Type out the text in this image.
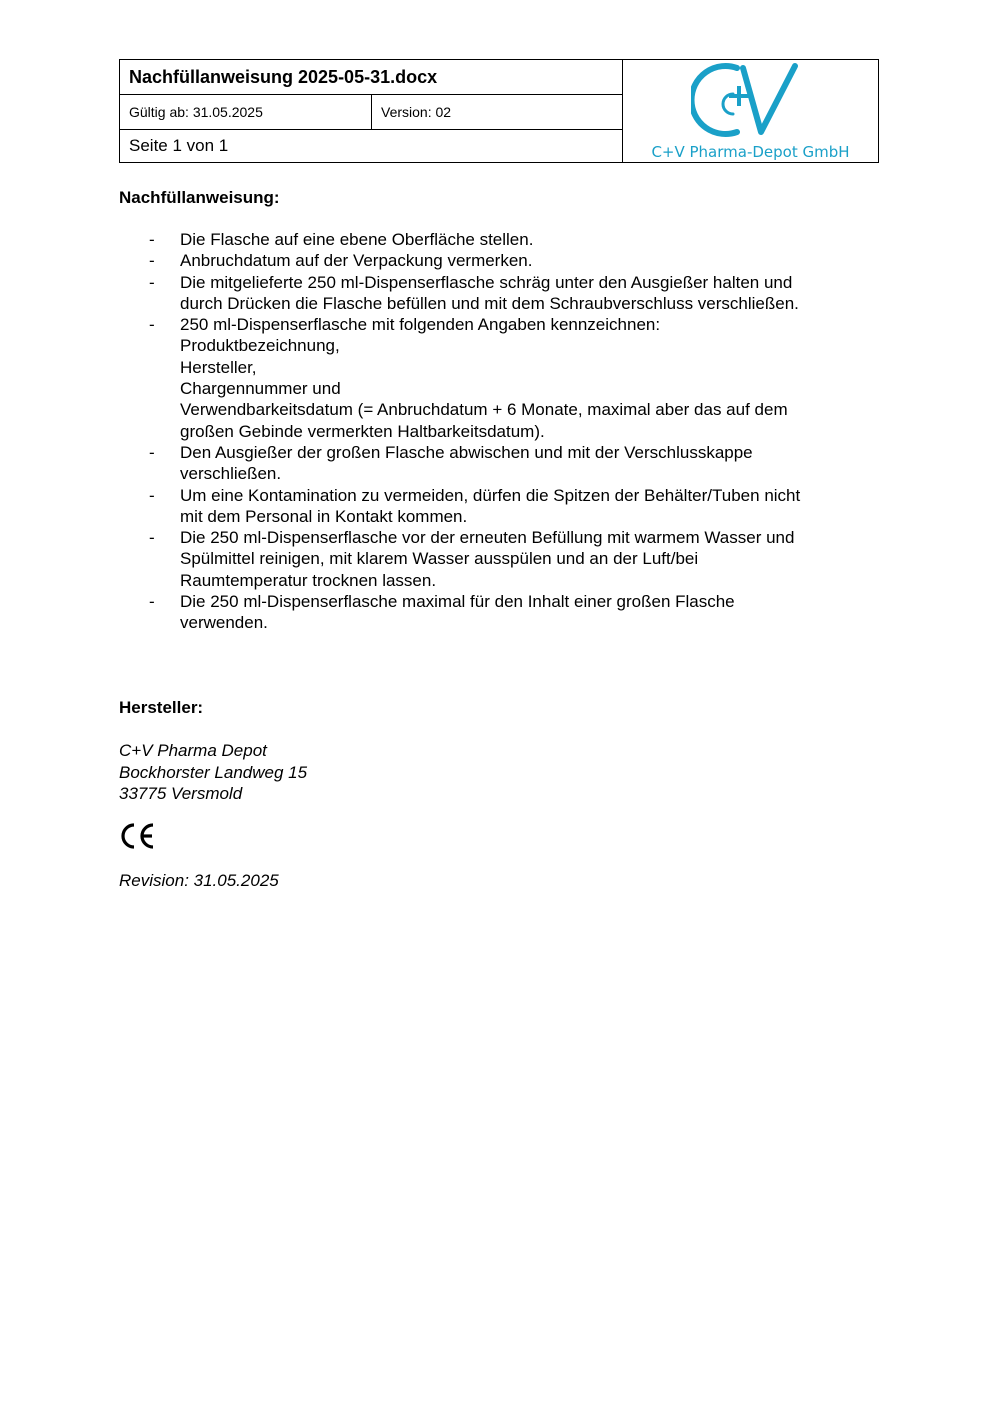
Nachfüllanweisung 2025-05-31.docx
Gültig ab: 31.05.2025	Version: 02
Seite 1 von 1	C+V Pharma-Depot GmbH
Nachfüllanweisung:
- Die Flasche auf eine ebene Oberfläche stellen.
- Anbruchdatum auf der Verpackung vermerken.
- Die mitgelieferte 250 ml-Dispenserflasche schräg unter den Ausgießer halten und
durch Drücken die Flasche befüllen und mit dem Schraubverschluss verschließen.
- 250 ml-Dispenserflasche mit folgenden Angaben kennzeichnen:
Produktbezeichnung,
Hersteller,
Chargennummer und
Verwendbarkeitsdatum (= Anbruchdatum + 6 Monate, maximal aber das auf dem
großen Gebinde vermerkten Haltbarkeitsdatum).
- Den Ausgießer der großen Flasche abwischen und mit der Verschlusskappe
verschließen.
- Um eine Kontamination zu vermeiden, dürfen die Spitzen der Behälter/Tuben nicht
mit dem Personal in Kontakt kommen.
- Die 250 ml-Dispenserflasche vor der erneuten Befüllung mit warmem Wasser und
Spülmittel reinigen, mit klarem Wasser ausspülen und an der Luft/bei
Raumtemperatur trocknen lassen.
- Die 250 ml-Dispenserflasche maximal für den Inhalt einer großen Flasche
verwenden.
Hersteller:
C+V Pharma Depot
Bockhorster Landweg 15
33775 Versmold
Revision: 31.05.2025
